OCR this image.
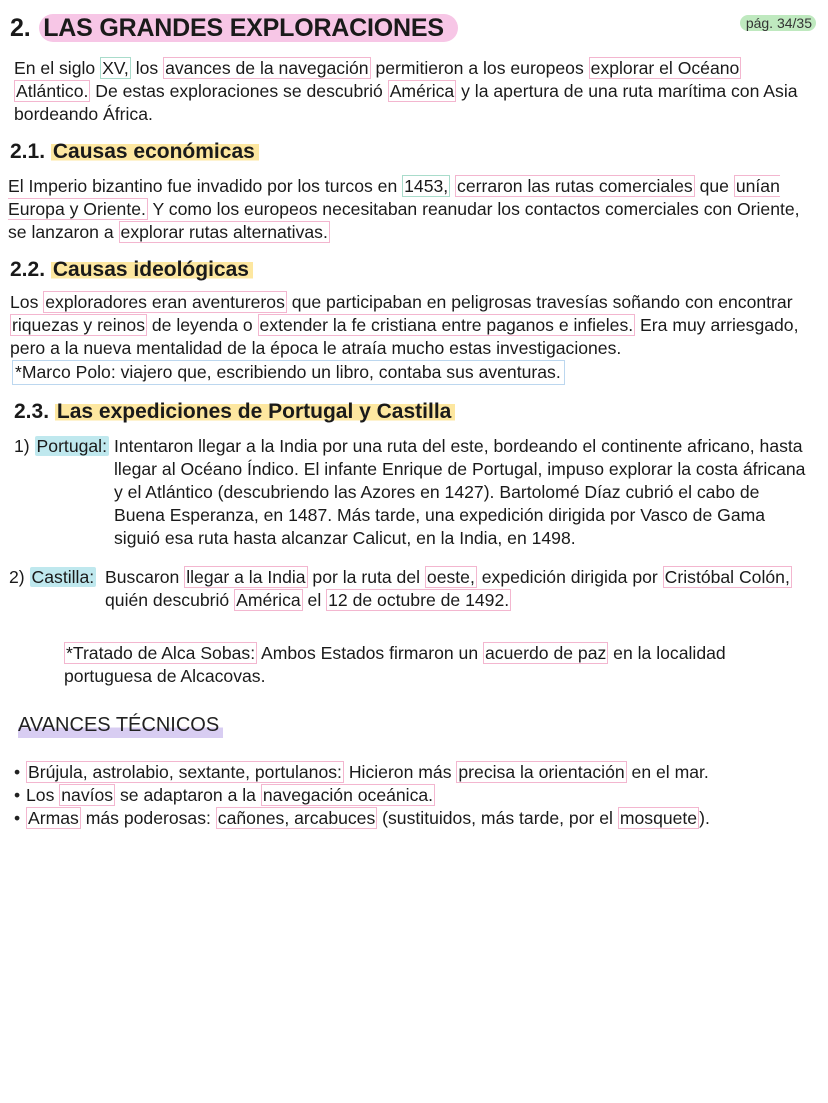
2. LAS GRANDES EXPLORACIONES	pág. 34/35

En el siglo XV, los avances de la navegación permitieron a los europeos explorar el Océano Atlántico. De estas exploraciones se descubrió América y la apertura de una ruta marítima con Asia bordeando África.

2.1. Causas económicas

El Imperio bizantino fue invadido por los turcos en 1453, cerraron las rutas comerciales que unían Europa y Oriente. Y como los europeos necesitaban reanudar los contactos comerciales con Oriente, se lanzaron a explorar rutas alternativas.

2.2. Causas ideológicas

Los exploradores eran aventureros que participaban en peligrosas travesías soñando con encontrar riquezas y reinos de leyenda o extender la fe cristiana entre paganos e infieles. Era muy arriesgado, pero a la nueva mentalidad de la época le atraía mucho estas investigaciones.
*Marco Polo: viajero que, escribiendo un libro, contaba sus aventuras.

2.3. Las expediciones de Portugal y Castilla
1) Portugal: Intentaron llegar a la India por una ruta del este, bordeando el continente africano, hasta llegar al Océano Índico. El infante Enrique de Portugal, impuso explorar la costa áfricana y el Atlántico (descubriendo las Azores en 1427). Bartolomé Díaz cubrió el cabo de Buena Esperanza, en 1487. Más tarde, una expedición dirigida por Vasco de Gama siguió esa ruta hasta alcanzar Calicut, en la India, en 1498.

2) Castilla: Buscaron llegar a la India por la ruta del oeste, expedición dirigida por Cristóbal Colón, quién descubrió América el 12 de octubre de 1492.

*Tratado de Alca Sobas: Ambos Estados firmaron un acuerdo de paz en la localidad portuguesa de Alcacovas.

AVANCES TÉCNICOS
• Brújula, astrolabio, sextante, portulanos: Hicieron más precisa la orientación en el mar.
• Los navíos se adaptaron a la navegación oceánica.
• Armas más poderosas: cañones, arcabuces (sustituidos, más tarde, por el mosquete ).
